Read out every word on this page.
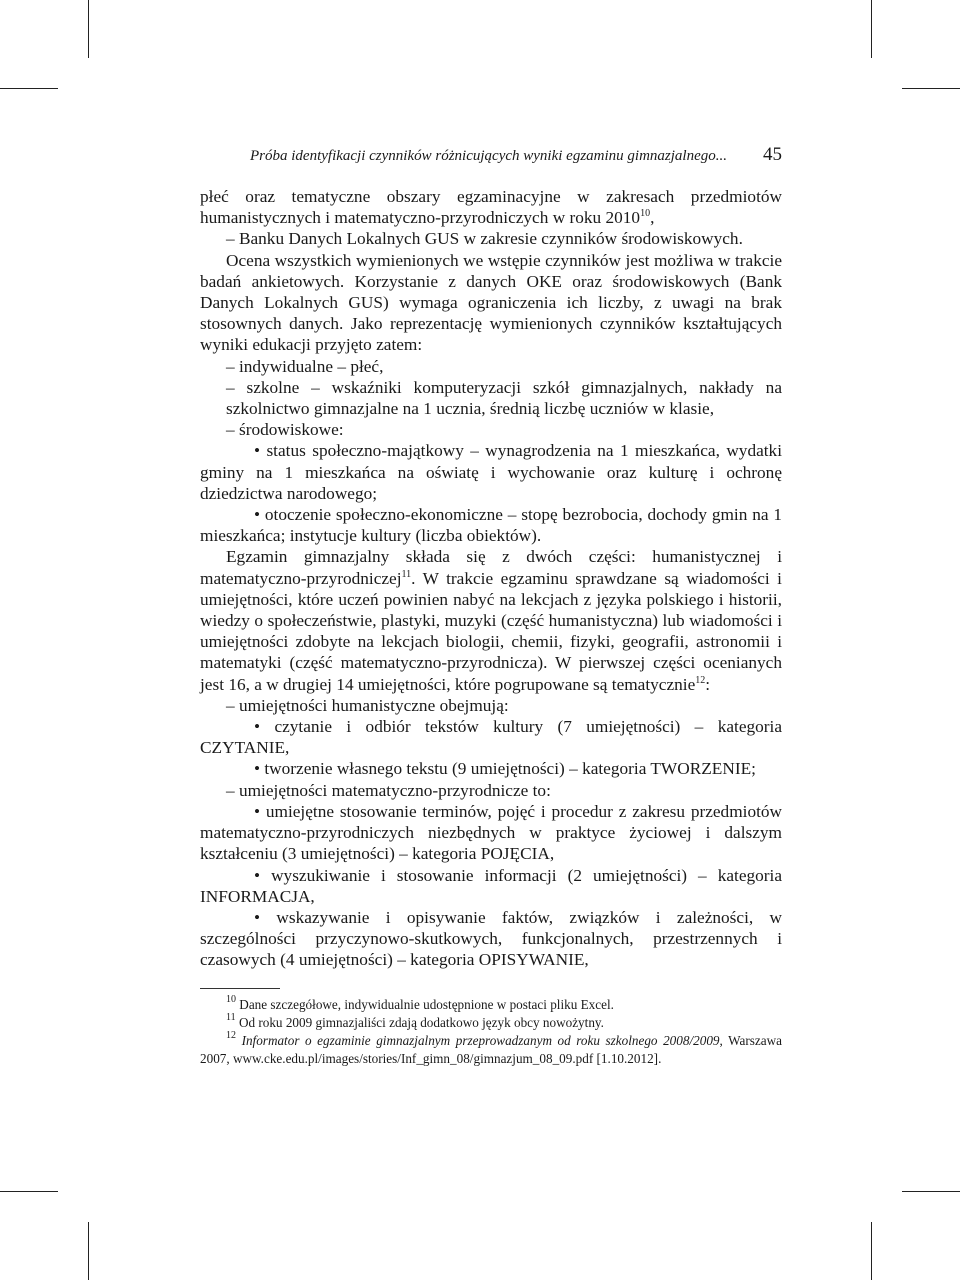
Próba identyfikacji czynników różnicujących wyniki egzaminu gimnazjalnego... 45

płeć oraz tematyczne obszary egzaminacyjne w zakresach przedmiotów humanistycznych i matematyczno-przyrodniczych w roku 2010$^{10}$,

– Banku Danych Lokalnych GUS w zakresie czynników środowiskowych.

Ocena wszystkich wymienionych we wstępie czynników jest możliwa w trakcie badań ankietowych. Korzystanie z danych OKE oraz środowiskowych (Bank Danych Lokalnych GUS) wymaga ograniczenia ich liczby, z uwagi na brak stosownych danych. Jako reprezentację wymienionych czynników kształtujących wyniki edukacji przyjęto zatem:

– indywidualne – płeć,

– szkolne – wskaźniki komputeryzacji szkół gimnazjalnych, nakłady na szkolnictwo gimnazjalne na 1 ucznia, średnią liczbę uczniów w klasie,

– środowiskowe:

• status społeczno-majątkowy – wynagrodzenia na 1 mieszkańca, wydatki gminy na 1 mieszkańca na oświatę i wychowanie oraz kulturę i ochronę dziedzictwa narodowego;

• otoczenie społeczno-ekonomiczne – stopę bezrobocia, dochody gmin na 1 mieszkańca; instytucje kultury (liczba obiektów).

Egzamin gimnazjalny składa się z dwóch części: humanistycznej i matematyczno-przyrodniczej$^{11}$. W trakcie egzaminu sprawdzane są wiadomości i umiejętności, które uczeń powinien nabyć na lekcjach z języka polskiego i historii, wiedzy o społeczeństwie, plastyki, muzyki (część humanistyczna) lub wiadomości i umiejętności zdobyte na lekcjach biologii, chemii, fizyki, geografii, astronomii i matematyki (część matematyczno-przyrodnicza). W pierwszej części ocenianych jest 16, a w drugiej 14 umiejętności, które pogrupowane są tematycznie$^{12}$:

– umiejętności humanistyczne obejmują:

• czytanie i odbiór tekstów kultury (7 umiejętności) – kategoria CZYTANIE,

• tworzenie własnego tekstu (9 umiejętności) – kategoria TWORZENIE;

– umiejętności matematyczno-przyrodnicze to:

• umiejętne stosowanie terminów, pojęć i procedur z zakresu przedmiotów matematyczno-przyrodniczych niezbędnych w praktyce życiowej i dalszym kształceniu (3 umiejętności) – kategoria POJĘCIA,

• wyszukiwanie i stosowanie informacji (2 umiejętności) – kategoria INFORMACJA,

• wskazywanie i opisywanie faktów, związków i zależności, w szczególności przyczynowo-skutkowych, funkcjonalnych, przestrzennych i czasowych (4 umiejętności) – kategoria OPISYWANIE,

$^{10}$ Dane szczegółowe, indywidualnie udostępnione w postaci pliku Excel.

$^{11}$ Od roku 2009 gimnazjaliści zdają dodatkowo język obcy nowożytny.

$^{12}$ Informator o egzaminie gimnazjalnym przeprowadzanym od roku szkolnego 2008/2009, Warszawa 2007, www.cke.edu.pl/images/stories/Inf_gimn_08/gimnazjum_08_09.pdf [1.10.2012].
